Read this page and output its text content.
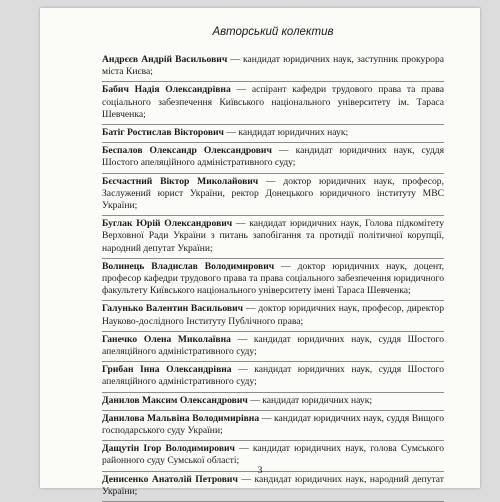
Авторський колектив
Андрєєв Андрій Васильович — кандидат юридичних наук, заступник прокурора міста Києва;
Бабич Надія Олександрівна — аспірант кафедри трудового права та права соціального забезпечення Київського національного університету ім. Тараса Шевченка;
Батіг Ростислав Вікторович — кандидат юридичних наук;
Беспалов Олександр Олександрович — кандидат юридичних наук, суддя Шостого апеляційного адміністративного суду;
Бєсчастний Віктор Миколайович — доктор юридичних наук, професор, Заслужений юрист України, ректор Донецького юридичного інституту МВС України;
Буглак Юрій Олександрович — кандидат юридичних наук, Голова підкомітету Верховної Ради України з питань запобігання та протидії політичної корупції, народний депутат України;
Волинець Владислав Володимирович — доктор юридичних наук, доцент, професор кафедри трудового права та права соціального забезпечення юридичного факультету Київського національного університету імені Тараса Шевченка;
Галунько Валентин Васильович — доктор юридичних наук, професор, директор Науково-дослідного Інституту Публічного права;
Ганечко Олена Миколаївна — кандидат юридичних наук, суддя Шостого апеляційного адміністративного суду;
Грибан Інна Олександрівна — кандидат юридичних наук, суддя Шостого апеляційного адміністративного суду;
Данилов Максим Олександрович — кандидат юридичних наук;
Данилова Мальвіна Володимирівна — кандидат юридичних наук, суддя Вищого господарського суду України;
Дащутін Ігор Володимирович — кандидат юридичних наук, голова Сумського районного суду Сумської області;
Денисенко Анатолій Петрович — кандидат юридичних наук, народний депутат України;
3
